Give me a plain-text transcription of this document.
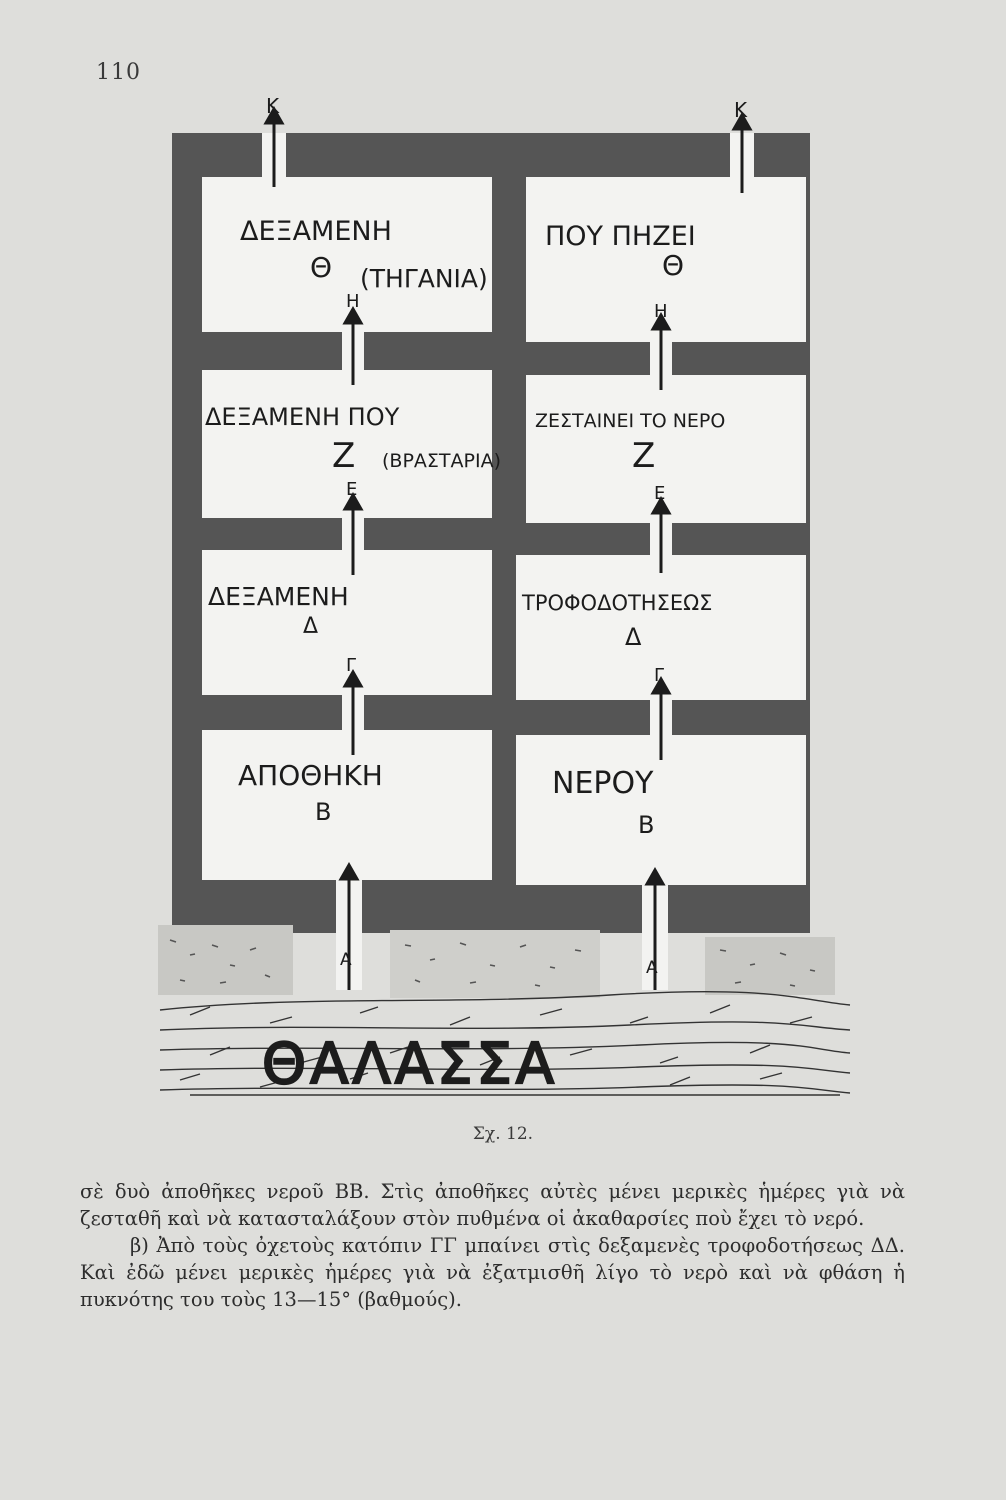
110
ΔΕΞΑΜΕΝΗ	ΠΟΥ ΠΗΖΕΙ
Θ (ΤΗΓΑΝΙΑ)	Θ
ΔΕΞΑΜΕΝΗ ΠΟΥ	ΖΕΣΤΑΙΝΕΙ ΤΟ ΝΕΡΟ
Ζ (ΒΡΑΣΤΑΡΙΑ)	Ζ
ΔΕΞΑΜΕΝΗ	ΤΡΟΦΟΔΟΤΗΣΕΩΣ
Δ	Δ
ΑΠΟΘΗΚΗ	ΝΕΡΟΥ
Β	Β
Κ	Κ
Η	Η
Ε	Ε
Γ	Γ
Α	Α
ΘΑΛΑΣΣΑ
Σχ. 12.

σὲ δυὸ ἀποθῆκες νεροῦ ΒΒ. Στὶς ἀποθῆκες αὐτὲς μένει μερικὲς ἡμέρες γιὰ νὰ ζεσταθῆ καὶ νὰ κατασταλάξουν στὸν πυθμένα οἱ ἀκαθαρσίες ποὺ ἔχει τὸ νερό.

β) Ἀπὸ τοὺς ὀχετοὺς κατόπιν ΓΓ μπαίνει στὶς δεξαμενὲς τροφοδοτήσεως ΔΔ. Καὶ ἐδῶ μένει μερικὲς ἡμέρες γιὰ νὰ ἐξατμισθῆ λίγο τὸ νερὸ καὶ νὰ φθάση ἡ πυκνότης του τοὺς 13—15° (βαθμούς).
